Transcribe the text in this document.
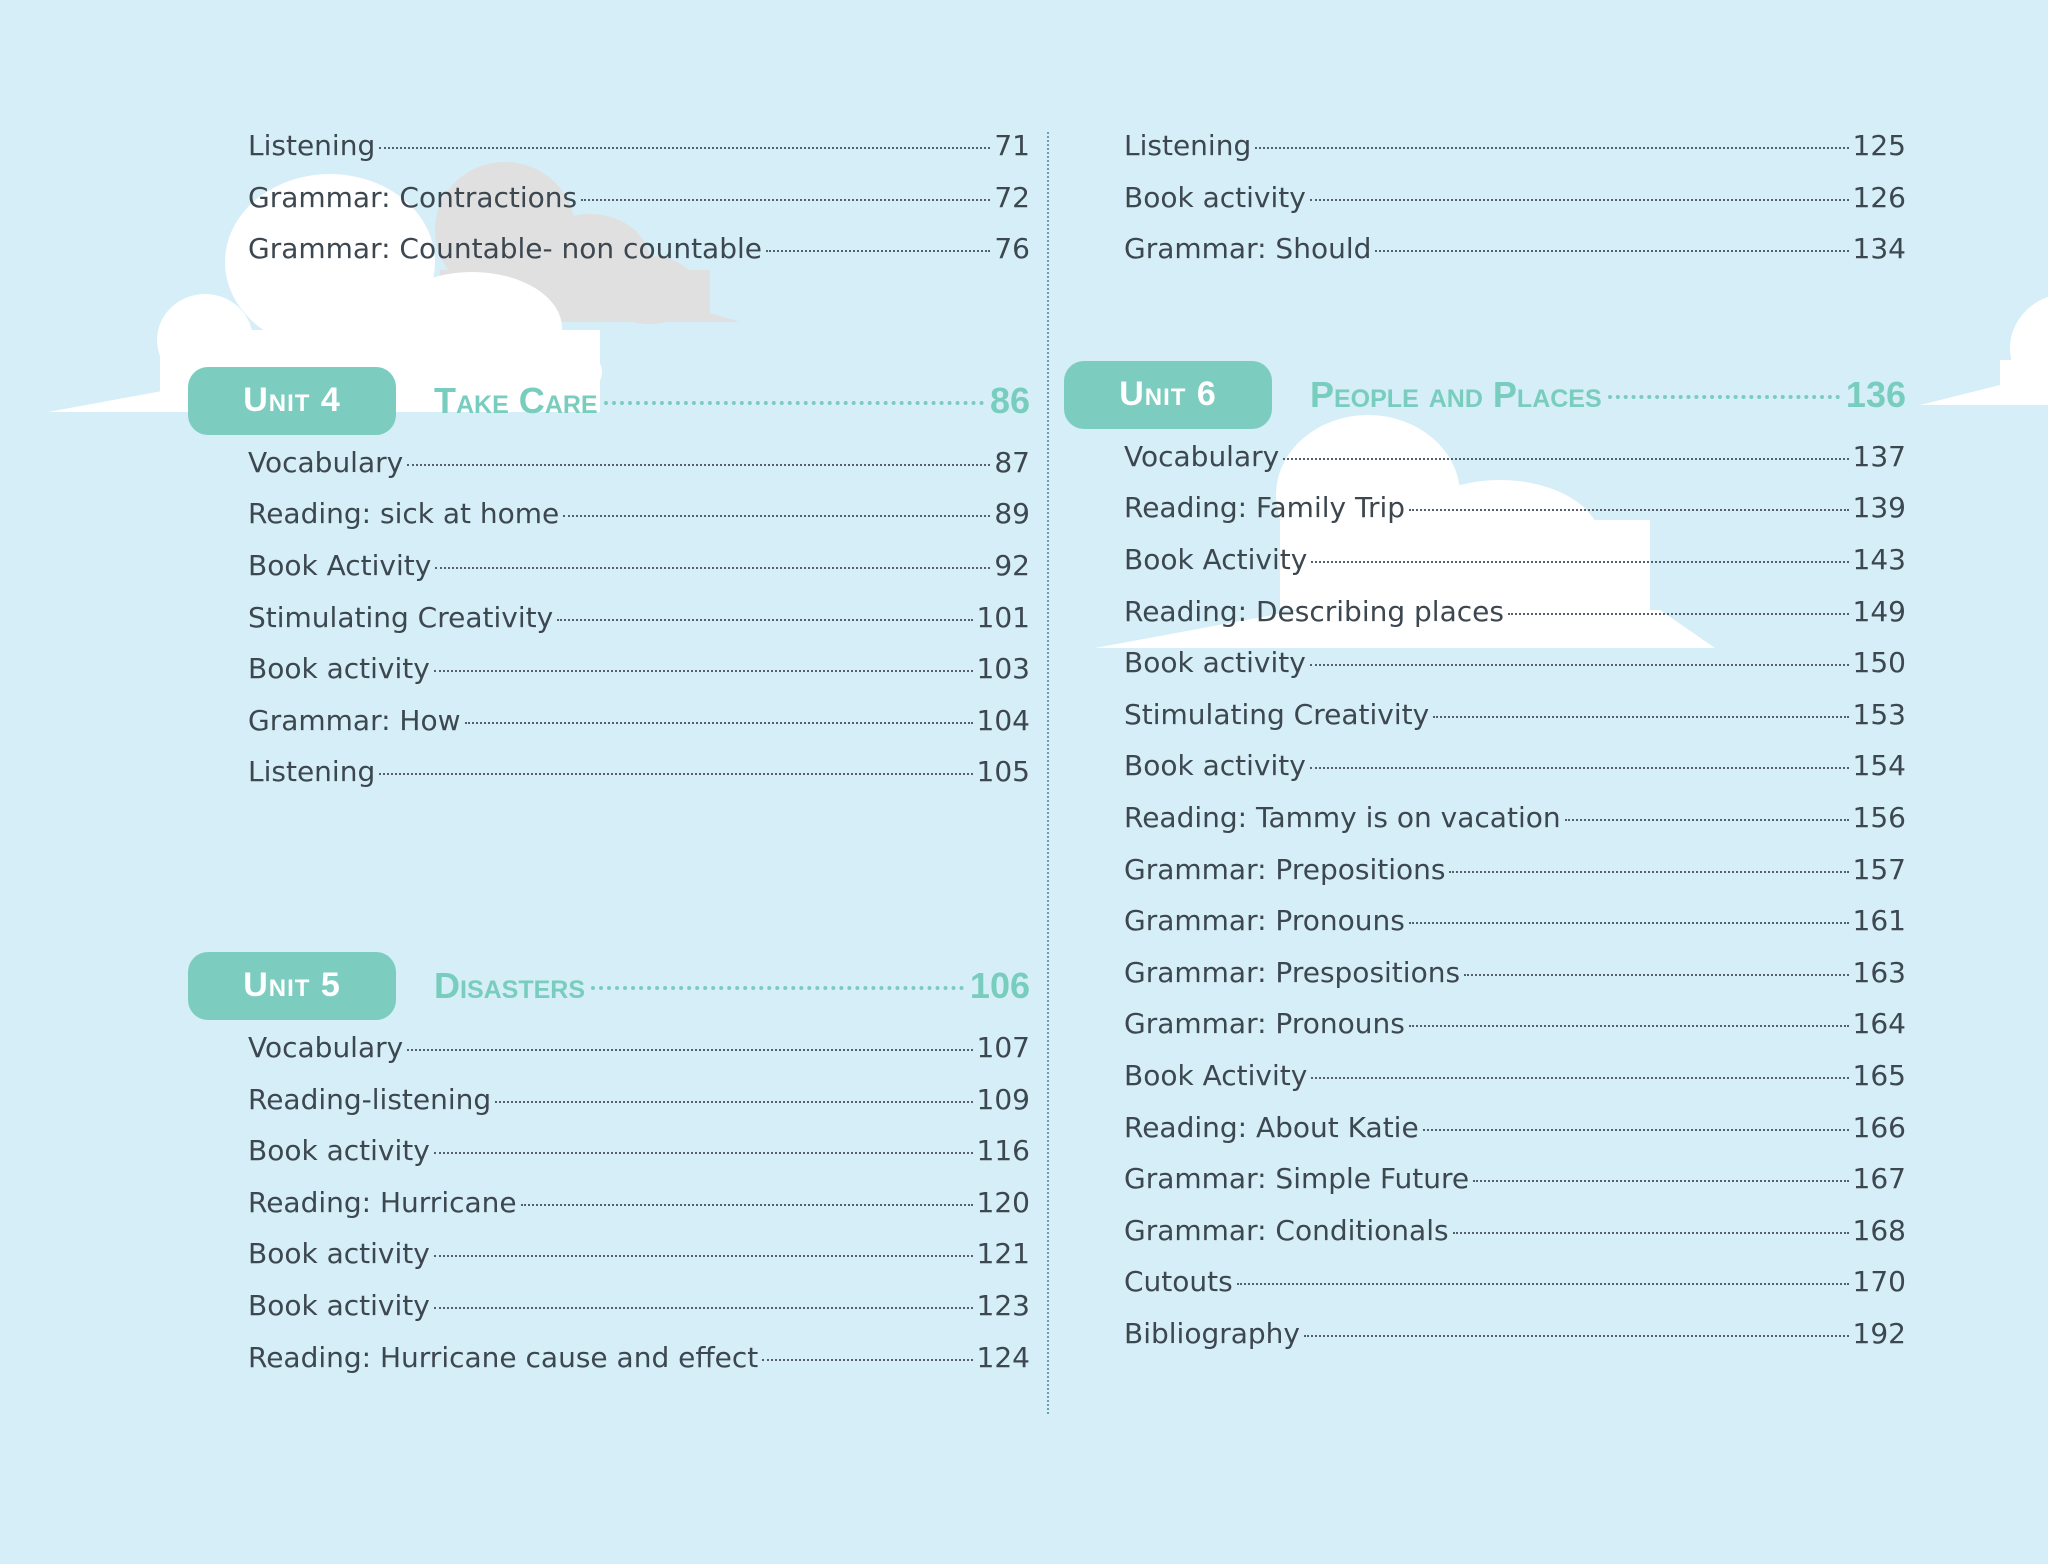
Listening	71
Grammar: Contractions	72
Grammar: Countable- non countable	76
Unit 4	Take Care	86
Vocabulary	87
Reading: sick at home	89
Book Activity	92
Stimulating Creativity	101
Book activity	103
Grammar: How	104
Listening	105
Unit 5	Disasters	106
Vocabulary	107
Reading-listening	109
Book activity	116
Reading: Hurricane	120
Book activity	121
Book activity	123
Reading: Hurricane cause and effect	124
Listening	125
Book activity	126
Grammar: Should	134
Unit 6	People and Places	136
Vocabulary	137
Reading: Family Trip	139
Book Activity	143
Reading: Describing places	149
Book activity	150
Stimulating Creativity	153
Book activity	154
Reading: Tammy is on vacation	156
Grammar: Prepositions	157
Grammar: Pronouns	161
Grammar: Prespositions	163
Grammar: Pronouns	164
Book Activity	165
Reading: About Katie	166
Grammar: Simple Future	167
Grammar: Conditionals	168
Cutouts	170
Bibliography	192
